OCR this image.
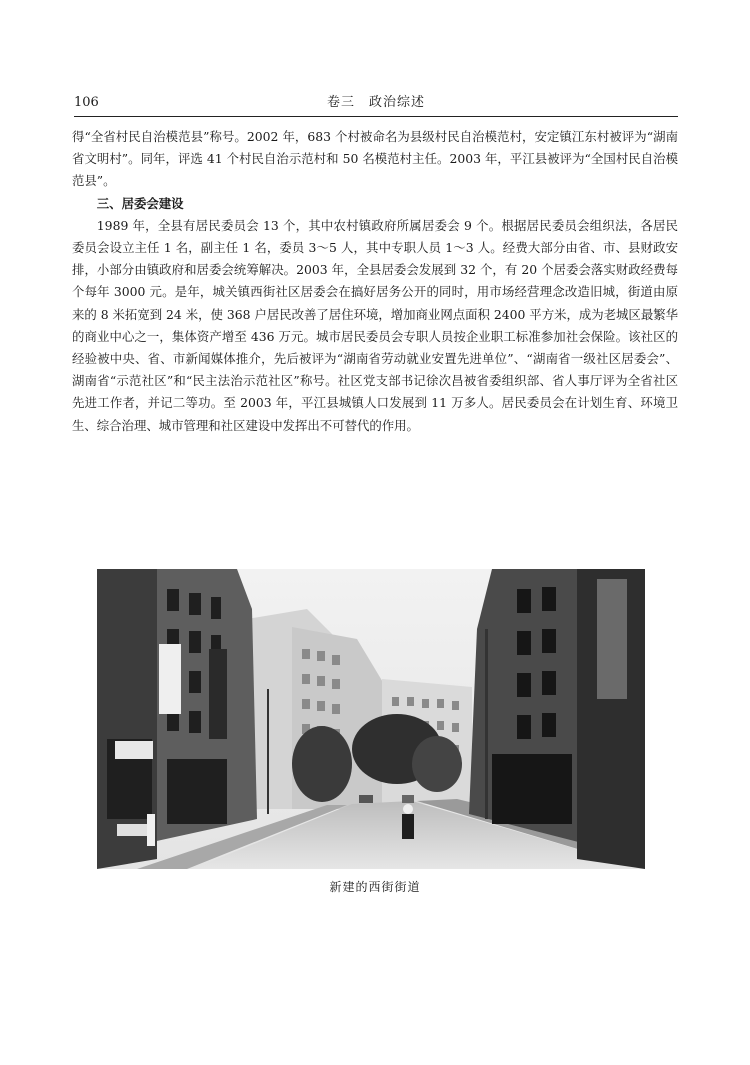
106	卷三　政治综述

得“全省村民自治模范县”称号。2002 年，683 个村被命名为县级村民自治模范村，安定镇江东村被评为“湖南省文明村”。同年，评选 41 个村民自治示范村和 50 名模范村主任。2003 年，平江县被评为“全国村民自治模范县”。

三、居委会建设

1989 年，全县有居民委员会 13 个，其中农村镇政府所属居委会 9 个。根据居民委员会组织法，各居民委员会设立主任 1 名，副主任 1 名，委员 3～5 人，其中专职人员 1～3 人。经费大部分由省、市、县财政安排，小部分由镇政府和居委会统筹解决。2003 年，全县居委会发展到 32 个，有 20 个居委会落实财政经费每个每年 3000 元。是年，城关镇西街社区居委会在搞好居务公开的同时，用市场经营理念改造旧城，街道由原来的 8 米拓宽到 24 米，使 368 户居民改善了居住环境，增加商业网点面积 2400 平方米，成为老城区最繁华的商业中心之一，集体资产增至 436 万元。城市居民委员会专职人员按企业职工标准参加社会保险。该社区的经验被中央、省、市新闻媒体推介，先后被评为“湖南省劳动就业安置先进单位”、“湖南省一级社区居委会”、湖南省“示范社区”和“民主法治示范社区”称号。社区党支部书记徐次昌被省委组织部、省人事厅评为全省社区先进工作者，并记二等功。至 2003 年，平江县城镇人口发展到 11 万多人。居民委员会在计划生育、环境卫生、综合治理、城市管理和社区建设中发挥出不可替代的作用。

新建的西街街道
